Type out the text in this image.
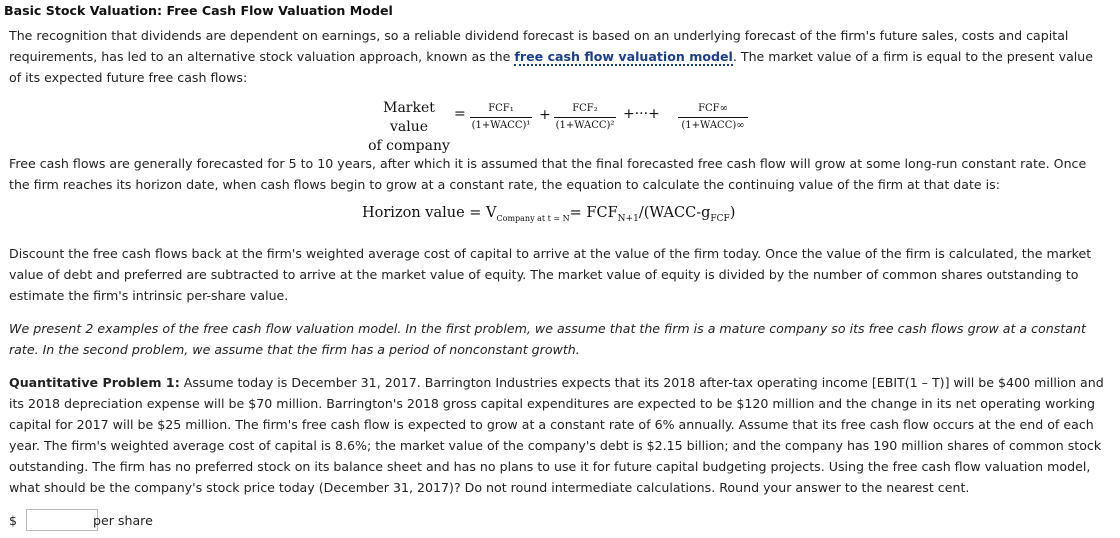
Basic Stock Valuation: Free Cash Flow Valuation Model
The recognition that dividends are dependent on earnings, so a reliable dividend forecast is based on an underlying forecast of the firm's future sales, costs and capital requirements, has led to an alternative stock valuation approach, known as the free cash flow valuation model. The market value of a firm is equal to the present value of its expected future free cash flows:
Market value
of company
=	FCF₁
(1+WACC)¹
+	FCF₂
(1+WACC)²
+···+	FCF∞
(1+WACC)∞
Free cash flows are generally forecasted for 5 to 10 years, after which it is assumed that the final forecasted free cash flow will grow at some long-run constant rate. Once the firm reaches its horizon date, when cash flows begin to grow at a constant rate, the equation to calculate the continuing value of the firm at that date is:
Horizon value = $V_{Company at t = N}=$ $FCF_{N+1}/(WACC-g_{FCF})$
Discount the free cash flows back at the firm's weighted average cost of capital to arrive at the value of the firm today. Once the value of the firm is calculated, the market value of debt and preferred are subtracted to arrive at the market value of equity. The market value of equity is divided by the number of common shares outstanding to estimate the firm's intrinsic per-share value.
We present 2 examples of the free cash flow valuation model. In the first problem, we assume that the firm is a mature company so its free cash flows grow at a constant rate. In the second problem, we assume that the firm has a period of nonconstant growth.
Quantitative Problem 1: Assume today is December 31, 2017. Barrington Industries expects that its 2018 after-tax operating income [EBIT(1 – T)] will be $400 million and its 2018 depreciation expense will be $70 million. Barrington's 2018 gross capital expenditures are expected to be $120 million and the change in its net operating working capital for 2017 will be $25 million. The firm's free cash flow is expected to grow at a constant rate of 6% annually. Assume that its free cash flow occurs at the end of each year. The firm's weighted average cost of capital is 8.6%; the market value of the company's debt is $2.15 billion; and the company has 190 million shares of common stock outstanding. The firm has no preferred stock on its balance sheet and has no plans to use it for future capital budgeting projects. Using the free cash flow valuation model, what should be the company's stock price today (December 31, 2017)? Do not round intermediate calculations. Round your answer to the nearest cent.
$	per share
